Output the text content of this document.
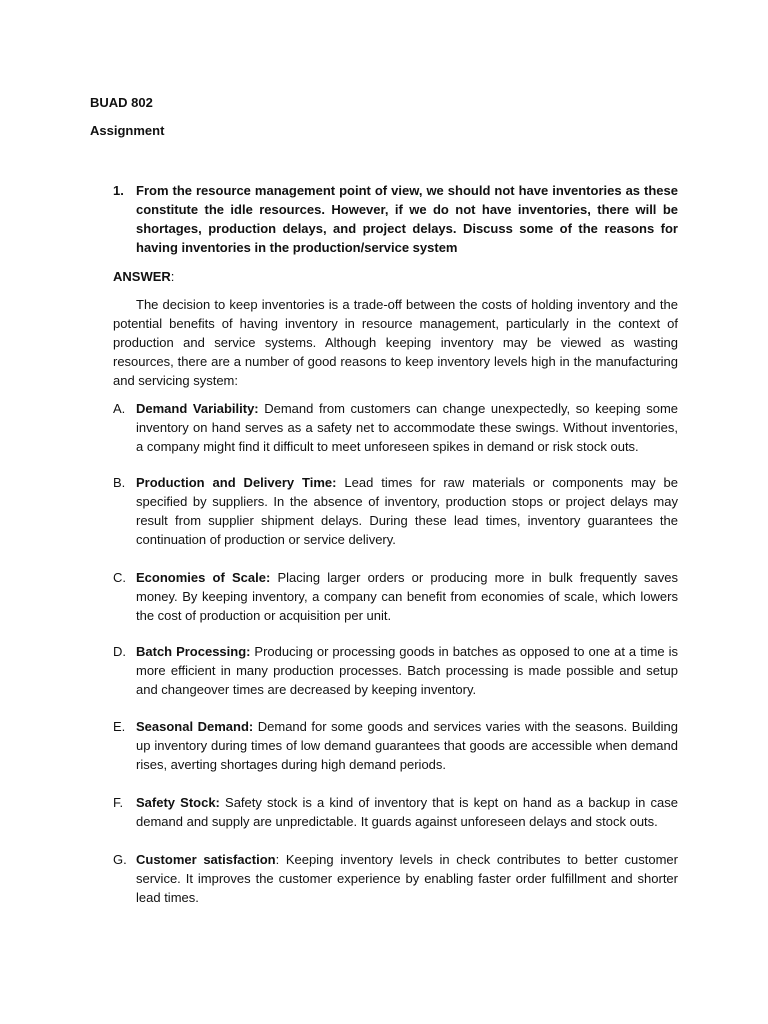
BUAD 802
Assignment
1. From the resource management point of view, we should not have inventories as these constitute the idle resources. However, if we do not have inventories, there will be shortages, production delays, and project delays. Discuss some of the reasons for having inventories in the production/service system
ANSWER:

The decision to keep inventories is a trade-off between the costs of holding inventory and the potential benefits of having inventory in resource management, particularly in the context of production and service systems. Although keeping inventory may be viewed as wasting resources, there are a number of good reasons to keep inventory levels high in the manufacturing and servicing system:

A. Demand Variability: Demand from customers can change unexpectedly, so keeping some inventory on hand serves as a safety net to accommodate these swings. Without inventories, a company might find it difficult to meet unforeseen spikes in demand or risk stock outs.
B. Production and Delivery Time: Lead times for raw materials or components may be specified by suppliers. In the absence of inventory, production stops or project delays may result from supplier shipment delays. During these lead times, inventory guarantees the continuation of production or service delivery.
C. Economies of Scale: Placing larger orders or producing more in bulk frequently saves money. By keeping inventory, a company can benefit from economies of scale, which lowers the cost of production or acquisition per unit.
D. Batch Processing: Producing or processing goods in batches as opposed to one at a time is more efficient in many production processes. Batch processing is made possible and setup and changeover times are decreased by keeping inventory.
E. Seasonal Demand: Demand for some goods and services varies with the seasons. Building up inventory during times of low demand guarantees that goods are accessible when demand rises, averting shortages during high demand periods.
F. Safety Stock: Safety stock is a kind of inventory that is kept on hand as a backup in case demand and supply are unpredictable. It guards against unforeseen delays and stock outs.
G. Customer satisfaction: Keeping inventory levels in check contributes to better customer service. It improves the customer experience by enabling faster order fulfillment and shorter lead times.
